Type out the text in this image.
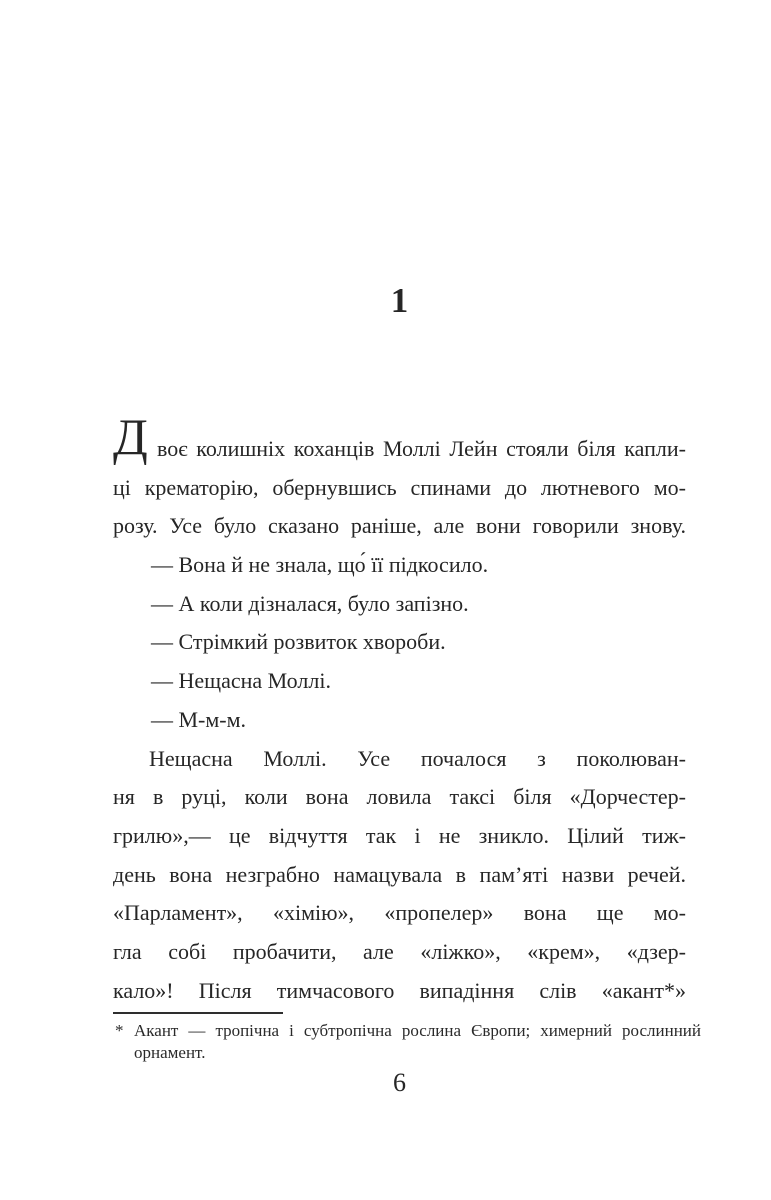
1
Д воє колишніх коханців Моллі Лейн стояли біля капли-
ці крематорію, обернувшись спинами до лютневого мо-
розу. Усе було сказано раніше, але вони говорили знову.
— Вона й не знала, що́ її підкосило.
— А коли дізналася, було запізно.
— Стрімкий розвиток хвороби.
— Нещасна Моллі.
— М-м-м.
Нещасна Моллі. Усе почалося з поколюван-
ня в руці, коли вона ловила таксі біля «Дорчестер-
грилю»,— це відчуття так і не зникло. Цілий тиж-
день вона незграбно намацувала в пам’яті назви речей.
«Парламент», «хімію», «пропелер» вона ще мо-
гла собі пробачити, але «ліжко», «крем», «дзер-
кало»! Після тимчасового випадіння слів «акант*»
* Акант — тропічна і субтропічна рослина Європи; химерний рослинний
орнамент.
6
